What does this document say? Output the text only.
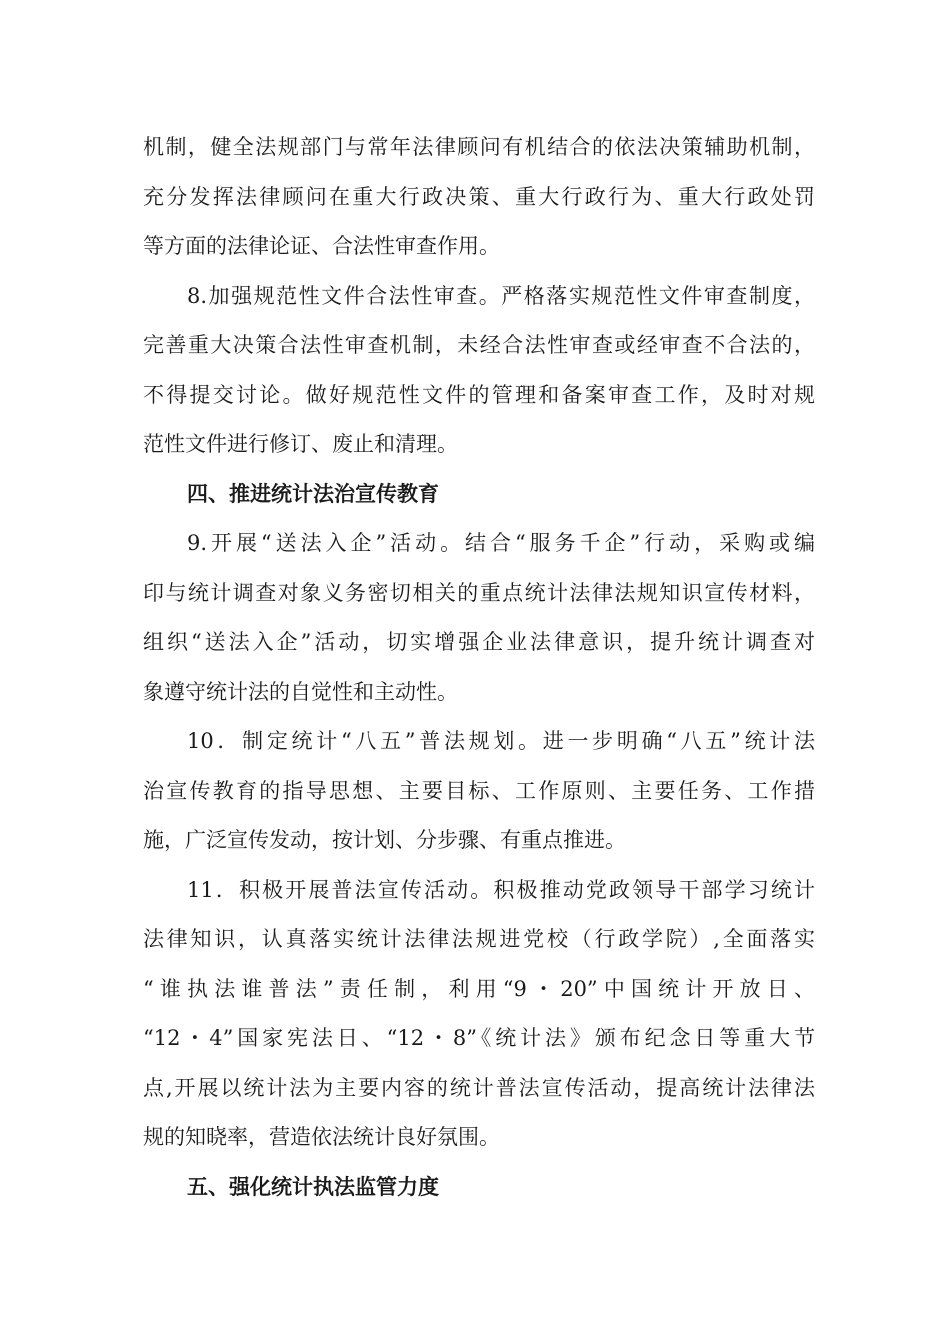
机制，健全法规部门与常年法律顾问有机结合的依法决策辅助机制，
充分发挥法律顾问在重大行政决策、重大行政行为、重大行政处罚
等方面的法律论证、合法性审查作用。
8.加强规范性文件合法性审查。严格落实规范性文件审查制度，
完善重大决策合法性审查机制，未经合法性审查或经审查不合法的，
不得提交讨论。做好规范性文件的管理和备案审查工作，及时对规
范性文件进行修订、废止和清理。
四、推进统计法治宣传教育
9.开展“送法入企”活动。结合“服务千企”行动，采购或编
印与统计调查对象义务密切相关的重点统计法律法规知识宣传材料，
组织“送法入企”活动，切实增强企业法律意识，提升统计调查对
象遵守统计法的自觉性和主动性。
10．制定统计“八五”普法规划。进一步明确“八五”统计法
治宣传教育的指导思想、主要目标、工作原则、主要任务、工作措
施，广泛宣传发动，按计划、分步骤、有重点推进。
11．积极开展普法宣传活动。积极推动党政领导干部学习统计
法律知识，认真落实统计法律法规进党校（行政学院）,全面落实
“谁执法谁普法”责任制，利用“9・20”中国统计开放日、
“12・4”国家宪法日、“12・8”《统计法》颁布纪念日等重大节
点,开展以统计法为主要内容的统计普法宣传活动，提高统计法律法
规的知晓率，营造依法统计良好氛围。
五、强化统计执法监管力度
